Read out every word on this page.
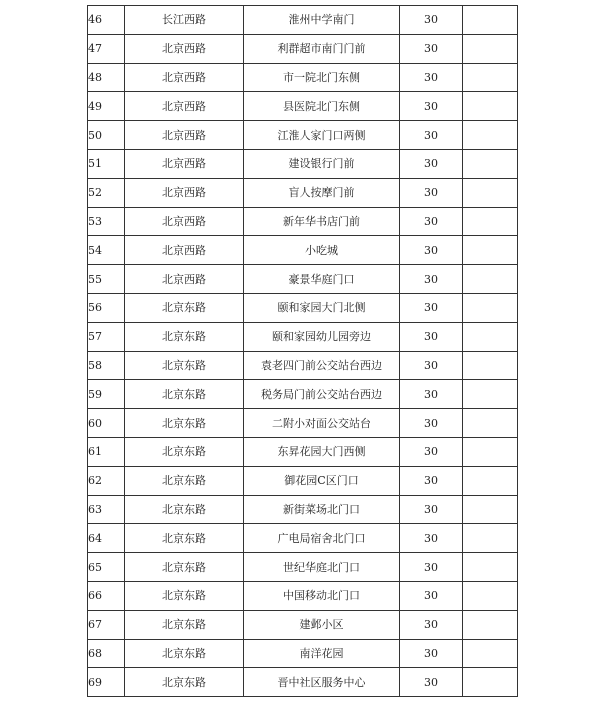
46	长江西路	淮州中学南门	30	
47	北京西路	利群超市南门门前	30	
48	北京西路	市一院北门东侧	30	
49	北京西路	县医院北门东侧	30	
50	北京西路	江淮人家门口两侧	30	
51	北京西路	建设银行门前	30	
52	北京西路	盲人按摩门前	30	
53	北京西路	新年华书店门前	30	
54	北京西路	小吃城	30	
55	北京西路	豪景华庭门口	30	
56	北京东路	颐和家园大门北侧	30	
57	北京东路	颐和家园幼儿园旁边	30	
58	北京东路	袁老四门前公交站台西边	30	
59	北京东路	税务局门前公交站台西边	30	
60	北京东路	二附小对面公交站台	30	
61	北京东路	东昇花园大门西侧	30	
62	北京东路	御花园C区门口	30	
63	北京东路	新街菜场北门口	30	
64	北京东路	广电局宿舍北门口	30	
65	北京东路	世纪华庭北门口	30	
66	北京东路	中国移动北门口	30	
67	北京东路	建邺小区	30	
68	北京东路	南洋花园	30	
69	北京东路	晋中社区服务中心	30	
